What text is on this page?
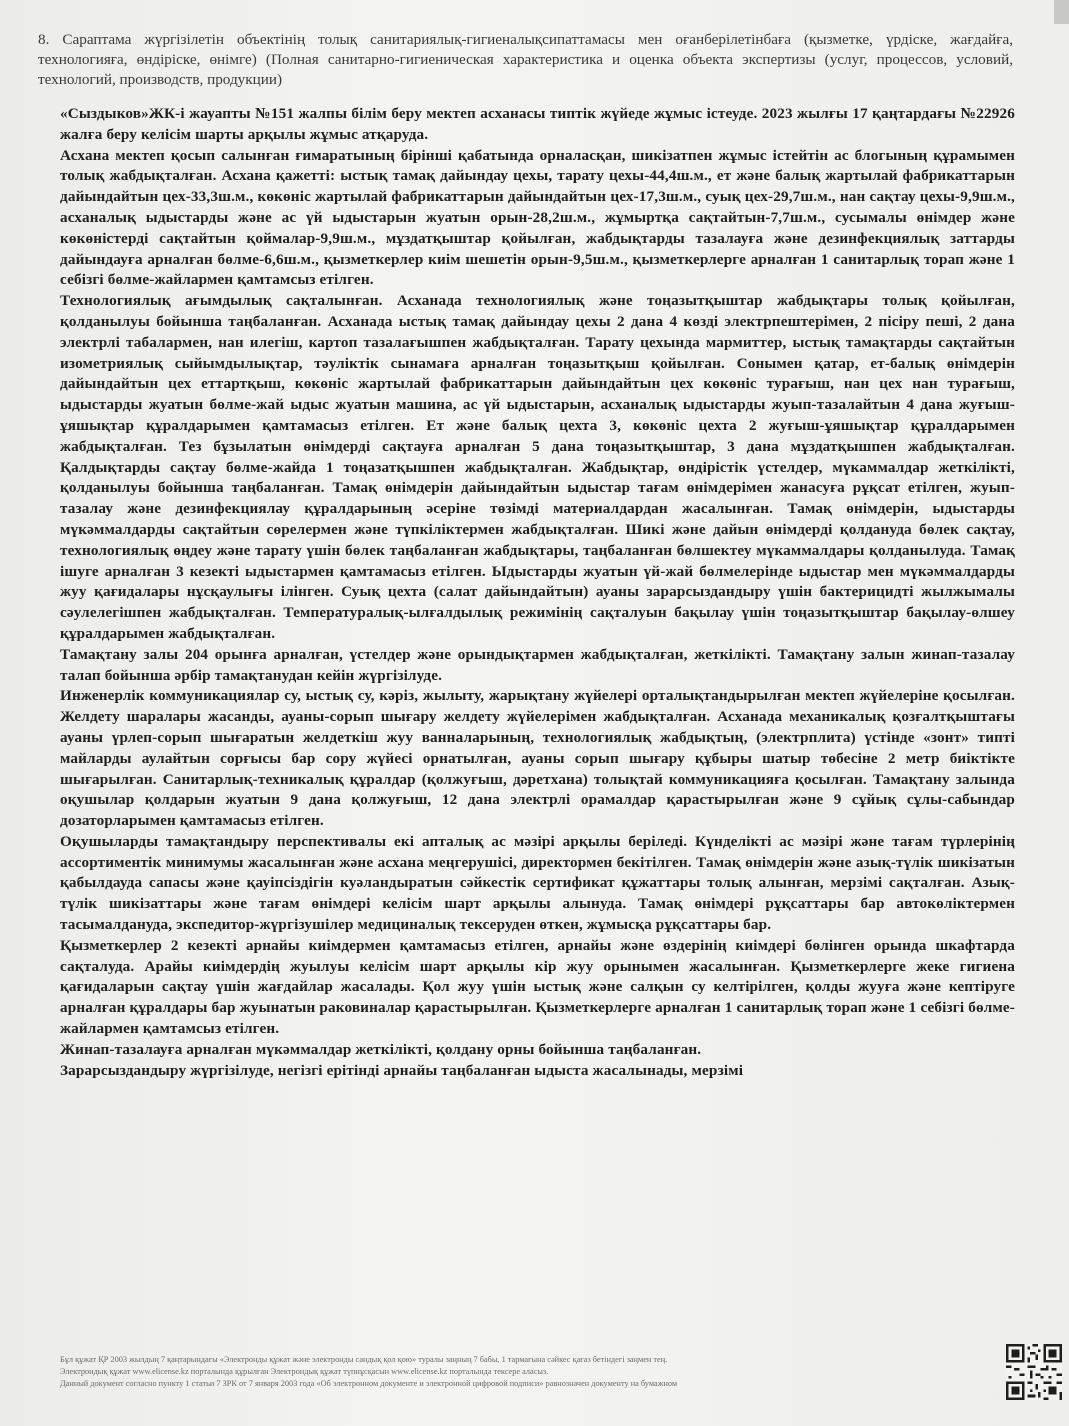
8. Сараптама жүргізілетін объектінің толық санитариялық-гигиеналықсипаттамасы мен оғанберілетінбаға (қызметке, үрдіске, жағдайға, технологияға, өндіріске, өнімге) (Полная санитарно-гигиеническая характеристика и оценка объекта экспертизы (услуг, процессов, условий, технологий, производств, продукции)

«Сыздыков»ЖК-і жауапты №151 жалпы білім беру мектеп асханасы типтік жүйеде жұмыс істеуде. 2023 жылғы 17 қаңтардағы №22926 жалға беру келісім шарты арқылы жұмыс атқаруда.

Асхана мектеп қосып салынған ғимаратының бірінші қабатында орналасқан, шикізатпен жұмыс істейтін ас блогының құрамымен толық жабдықталған. Асхана қажетті: ыстық тамақ дайындау цехы, тарату цехы-44,4ш.м., ет және балық жартылай фабрикаттарын дайындайтын цех-33,3ш.м., көкөніс жартылай фабрикаттарын дайындайтын цех-17,3ш.м., суық цех-29,7ш.м., нан сақтау цехы-9,9ш.м., асханалық ыдыстарды және ас үй ыдыстарын жуатын орын-28,2ш.м., жұмыртқа сақтайтын-7,7ш.м., сусымалы өнімдер және көкөністерді сақтайтын қоймалар-9,9ш.м., мұздатқыштар қойылған, жабдықтарды тазалауға және дезинфекциялық заттарды дайындауға арналған бөлме-6,6ш.м., қызметкерлер киім шешетін орын-9,5ш.м., қызметкерлерге арналған 1 санитарлық торап және 1 себізгі бөлме-жайлармен қамтамсыз етілген.

Технологиялық ағымдылық сақталынған. Асханада технологиялық және тоңазытқыштар жабдықтары толық қойылған, қолданылуы бойынша таңбаланған. Асханада ыстық тамақ дайындау цехы 2 дана 4 көзді электрпештерімен, 2 пісіру пеші, 2 дана электрлі табалармен, нан илегіш, картоп тазалағышпен жабдықталған. Тарату цехында мармиттер, ыстық тамақтарды сақтайтын изометриялық сыйымдылықтар, тәуліктік сынамаға арналған тоңазытқыш қойылған. Сонымен қатар, ет-балық өнімдерін дайындайтын цех еттартқыш, көкөніс жартылай фабрикаттарын дайындайтын цех көкөніс турағыш, нан цех нан турағыш, ыдыстарды жуатын бөлме-жай ыдыс жуатын машина, ас үй ыдыстарын, асханалық ыдыстарды жуып-тазалайтын 4 дана жуғыш-ұяшықтар құралдарымен қамтамасыз етілген. Ет және балық цехта 3, көкөніс цехта 2 жуғыш-ұяшықтар құралдарымен жабдықталған. Тез бұзылатын өнімдерді сақтауға арналған 5 дана тоңазытқыштар, 3 дана мұздатқышпен жабдықталған. Қалдықтарды сақтау бөлме-жайда 1 тоңазатқышпен жабдықталған. Жабдықтар, өндірістік үстелдер, мүкаммалдар жеткілікті, қолданылуы бойынша таңбаланған. Тамақ өнімдерін дайындайтын ыдыстар тағам өнімдерімен жанасуға рұқсат етілген, жуып-тазалау және дезинфекциялау құралдарының әсеріне төзімді материалдардан жасалынған. Тамақ өнімдерін, ыдыстарды мүкәммалдарды сақтайтын сөрелермен және түпкіліктермен жабдықталған. Шикі және дайын өнімдерді қолдануда бөлек сақтау, технологиялық өңдеу және тарату үшін бөлек таңбаланған жабдықтары, таңбаланған бөлшектеу мүкаммалдары қолданылуда. Тамақ ішуге арналған 3 кезекті ыдыстармен қамтамасыз етілген. Ыдыстарды жуатын үй-жай бөлмелерінде ыдыстар мен мүкәммалдарды жуу қағидалары нұсқаулығы ілінген. Суық цехта (салат дайындайтын) ауаны зарарсыздандыру үшін бактерицидті жылжымалы сәулелегішпен жабдықталған. Температуралық-ылғалдылық режимінің сақталуын бақылау үшін тоңазытқыштар бақылау-өлшеу құралдарымен жабдықталған.

Тамақтану залы 204 орынға арналған, үстелдер және орындықтармен жабдықталған, жеткілікті. Тамақтану залын жинап-тазалау талап бойынша әрбір тамақтанудан кейін жүргізілуде.

Инженерлік коммуникациялар су, ыстық су, кәріз, жылыту, жарықтану жүйелері орталықтандырылған мектеп жүйелеріне қосылған. Желдету шаралары жасанды, ауаны-сорып шығару желдету жүйелерімен жабдықталған. Асханада механикалық қозғалтқыштағы ауаны үрлеп-сорып шығаратын желдеткіш жуу ванналарының, технологиялық жабдықтың, (электрплита) үстінде «зонт» типті майларды аулайтын сорғысы бар сору жүйесі орнатылған, ауаны сорып шығару құбыры шатыр төбесіне 2 метр биіктікте шығарылған. Санитарлық-техникалық құралдар (қолжуғыш, дәретхана) толықтай коммуникацияға қосылған. Тамақтану залында оқушылар қолдарын жуатын 9 дана қолжуғыш, 12 дана электрлі орамалдар қарастырылған және 9 сұйық сұлы-сабындар дозаторларымен қамтамасыз етілген.

Оқушыларды тамақтандыру перспективалы екі апталық ас мәзірі арқылы беріледі. Күнделікті ас мәзірі және тағам түрлерінің ассортиментік минимумы жасалынған және асхана меңгерушісі, директормен бекітілген. Тамақ өнімдерін және азық-түлік шикізатын қабылдауда сапасы және қауіпсіздігін куәландыратын сәйкестік сертификат құжаттары толық алынған, мерзімі сақталған. Азық-түлік шикізаттары және тағам өнімдері келісім шарт арқылы алынуда. Тамақ өнімдері рұқсаттары бар автокөліктермен тасымалдануда, экспедитор-жүргізушілер медициналық тексеруден өткен, жұмысқа рұқсаттары бар.

Қызметкерлер 2 кезекті арнайы киімдермен қамтамасыз етілген, арнайы және өздерінің киімдері бөлінген орында шкафтарда сақталуда. Арайы киімдердің жуылуы келісім шарт арқылы кір жуу орынымен жасалынған. Қызметкерлерге жеке гигиена қағидаларын сақтау үшін жағдайлар жасалады. Қол жуу үшін ыстық және салқын су келтірілген, қолды жууға және кептіруге арналған құралдары бар жуынатын раковиналар қарастырылған. Қызметкерлерге арналған 1 санитарлық торап және 1 себізгі бөлме-жайлармен қамтамсыз етілген.

Жинап-тазалауға арналған мүкәммалдар жеткілікті, қолдану орны бойынша таңбаланған.

Зарарсыздандыру жүргізілуде, негізгі ерітінді арнайы таңбаланған ыдыста жасалынады, мерзімі

Бұл құжат ҚР 2003 жылдың 7 қаңтарындағы «Электронды құжат және электронды сандық қол қою» туралы заңның 7 бабы, 1 тармағына сәйкес қағаз бетіндегі заңмен тең.

Электрондық құжат www.elicense.kz порталында құрылған Электрондық құжат түпнұсқасын www.elicense.kz порталында тексере аласыз.

Данный документ согласно пункту 1 статьи 7 ЗРК от 7 января 2003 года «Об электронном документе и электронной цифровой подписи» равнозначен документу на бумажном
